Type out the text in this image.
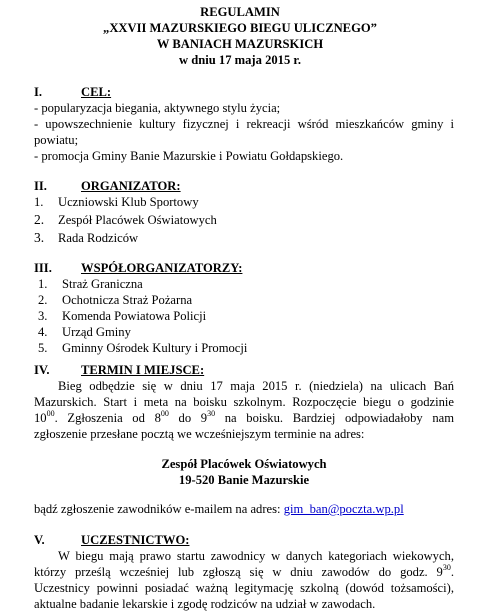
REGULAMIN
„XXVII MAZURSKIEGO BIEGU ULICZNEGO”
W BANIACH MAZURSKICH
w dniu 17 maja 2015 r.
I.	CEL:
- popularyzacja biegania, aktywnego stylu życia;
- upowszechnienie kultury fizycznej i rekreacji wśród mieszkańców gminy i
powiatu;
- promocja Gminy Banie Mazurskie i Powiatu Gołdapskiego.
II.	ORGANIZATOR:
1. Uczniowski Klub Sportowy
2. Zespół Placówek Oświatowych
3. Rada Rodziców
III. WSPÓŁORGANIZATORZY:
1. Straż Graniczna
2. Ochotnicza Straż Pożarna
3. Komenda Powiatowa Policji
4. Urząd Gminy
5. Gminny Ośrodek Kultury i Promocji
IV. TERMIN I MIEJSCE:
Bieg odbędzie się w dniu 17 maja 2015 r. (niedziela) na ulicach Bań
Mazurskich. Start i meta na boisku szkolnym. Rozpoczęcie biegu o godzinie
$10^{00}$. Zgłoszenia od $8^{00}$ do $9^{30}$ na boisku. Bardziej odpowiadałoby nam
zgłoszenie przesłane pocztą we wcześniejszym terminie na adres:
Zespół Placówek Oświatowych
19-520 Banie Mazurskie
bądź zgłoszenie zawodników e-mailem na adres: gim_ban@poczta.wp.pl
V.	UCZESTNICTWO:
W biegu mają prawo startu zawodnicy w danych kategoriach wiekowych,
którzy prześlą wcześniej lub zgłoszą się w dniu zawodów do godz. $9^{30}$.
Uczestnicy powinni posiadać ważną legitymację szkolną (dowód tożsamości),
aktualne badanie lekarskie i zgodę rodziców na udział w zawodach.
